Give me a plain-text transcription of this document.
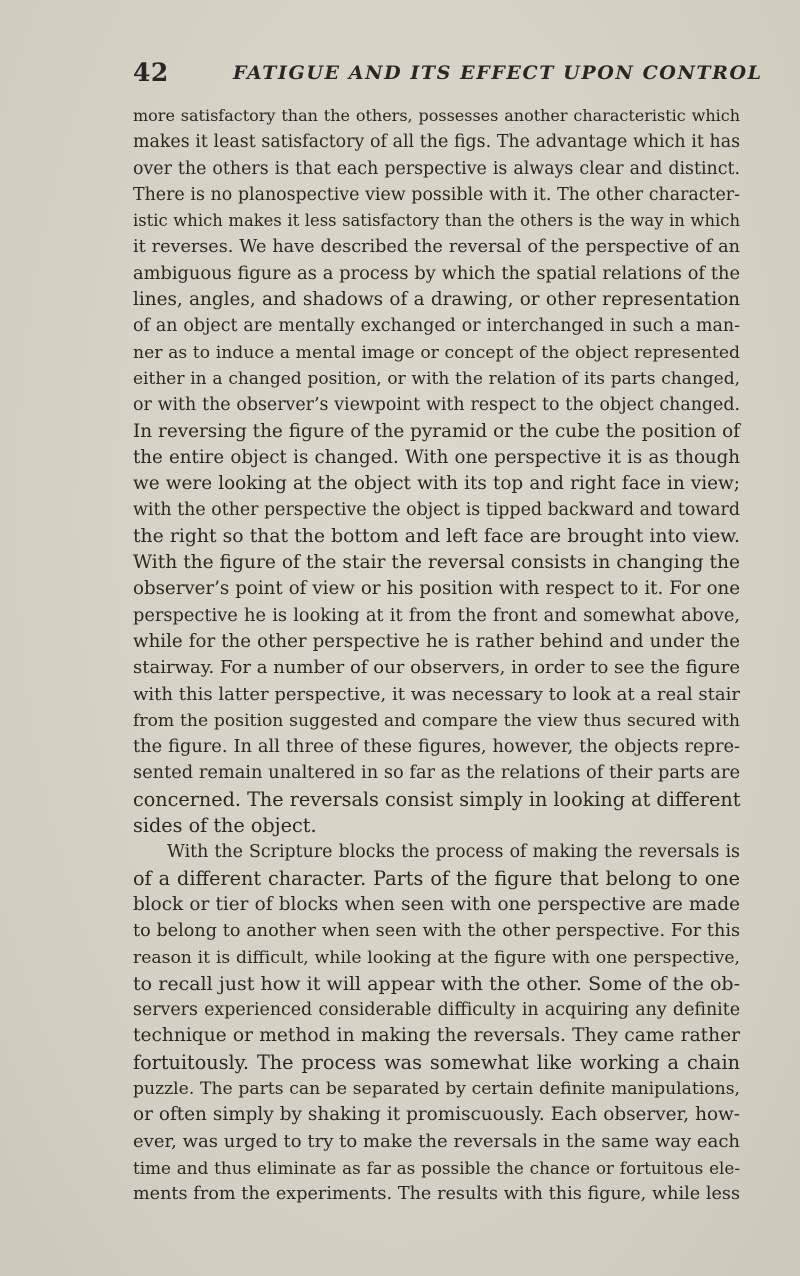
42	FATIGUE AND ITS EFFECT UPON CONTROL
more satisfactory than the others, possesses another characteristic which
makes it least satisfactory of all the figs. The advantage which it has
over the others is that each perspective is always clear and distinct.
There is no planospective view possible with it. The other character-
istic which makes it less satisfactory than the others is the way in which
it reverses. We have described the reversal of the perspective of an
ambiguous figure as a process by which the spatial relations of the
lines, angles, and shadows of a drawing, or other representation
of an object are mentally exchanged or interchanged in such a man-
ner as to induce a mental image or concept of the object represented
either in a changed position, or with the relation of its parts changed,
or with the observer’s viewpoint with respect to the object changed.
In reversing the figure of the pyramid or the cube the position of
the entire object is changed. With one perspective it is as though
we were looking at the object with its top and right face in view;
with the other perspective the object is tipped backward and toward
the right so that the bottom and left face are brought into view.
With the figure of the stair the reversal consists in changing the
observer’s point of view or his position with respect to it. For one
perspective he is looking at it from the front and somewhat above,
while for the other perspective he is rather behind and under the
stairway. For a number of our observers, in order to see the figure
with this latter perspective, it was necessary to look at a real stair
from the position suggested and compare the view thus secured with
the figure. In all three of these figures, however, the objects repre-
sented remain unaltered in so far as the relations of their parts are
concerned. The reversals consist simply in looking at different
sides of the object.
With the Scripture blocks the process of making the reversals is
of a different character. Parts of the figure that belong to one
block or tier of blocks when seen with one perspective are made
to belong to another when seen with the other perspective. For this
reason it is difficult, while looking at the figure with one perspective,
to recall just how it will appear with the other. Some of the ob-
servers experienced considerable difficulty in acquiring any definite
technique or method in making the reversals. They came rather
fortuitously. The process was somewhat like working a chain
puzzle. The parts can be separated by certain definite manipulations,
or often simply by shaking it promiscuously. Each observer, how-
ever, was urged to try to make the reversals in the same way each
time and thus eliminate as far as possible the chance or fortuitous ele-
ments from the experiments. The results with this figure, while less
